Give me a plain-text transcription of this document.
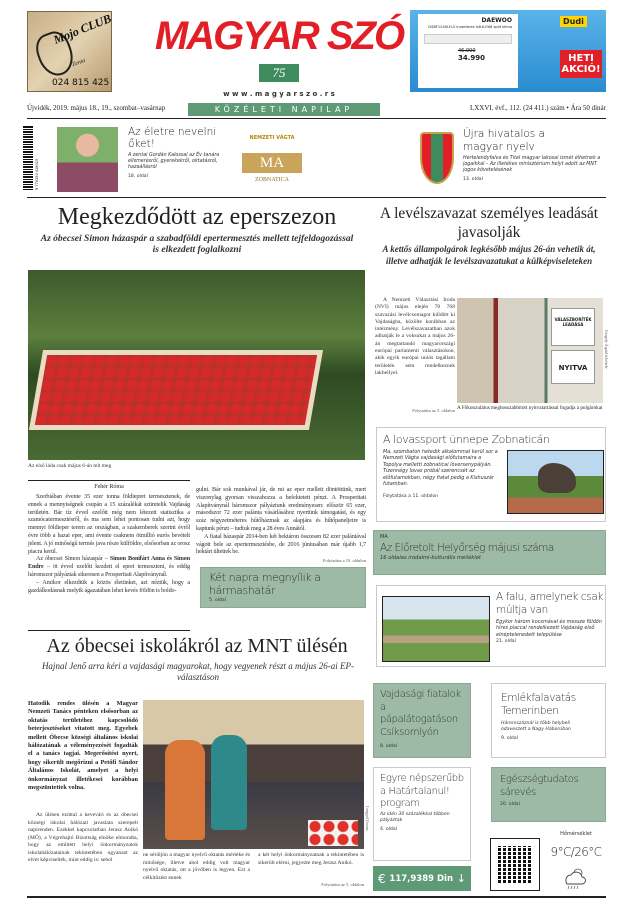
Mojo CLUB
Zenta
024 815 425
MAGYAR SZÓ
75
w w w . m a g y a r s z o . r s
DAEWOO
DSBF1245LH-V inverteres hűtő-fűtő split klíma
46.990
34.990
Dudi
HETI AKCIÓ!
Újvidék, 2019. május 18., 19., szombat–vasárnap	KÖZÉLETI NAPILAP	LXXVI. évf., 112. (24 411.) szám • Ára 50 dinár
9 770350 418015
Az életre nevelni őket!
A zentai Gordán Kalossal az Év tanára elismerésről, gyerekekről, oktatásról, hazaállásról
18. oldal
NEMZETI VÁGTA
MA
ZOBNATICA
Újra hivatalos a magyar nyelv
Hertelendyfalva és Titel magyar lakosai ismét élhetnek a jogaikkal – Az illetékes minisztérium helyt adott az MNT jogos követelésének
13. oldal
Megkezdődött az eperszezon
Az óbecsei Simon házaspár a szabadföldi epertermesztés mellett tejfeldogozással is elkezdett foglalkozni
Az első láda csak május 6-án telt meg
Fehér Róma

Szerbiában évente 35 ezer tonna földiepret termesztenek, de ennek a mennyiségnek csupán a 15 százalékát szüretelik Vajdaság területén. Bár tíz évvel ezelőtt még nem létezett statisztika a szamócatermesztésről, és ma sem lehet pontosan tudni azt, hogy mennyi földieper terem az országban, a szakemberek szerint évről évre több a hazai eper, ami évente csaknem ötmillió eurós bevételt jelent. A jó minőségű termés java része külföldre, elsősorban az orosz piacra kerül.

Az óbecsei Simon házaspár – Simon Bonifárt Anna és Simon Endre – öt évvel ezelőtt kezdett el epret termeszteni, és eddig háromszor pályáztak sikeresen a Prosperitati Alapítványnál.

– Amikor elkezdtük a közös életünket, azt néztük, hogy a gazdálkodásnak melyik ágazatában lehet kevés földön is boldo-

gulni. Bár sok munkával jár, de mi az eper mellett döntöttünk, mert viszonylag gyorsan visszahozza a befektetett pénzt. A Prosperitati Alapítványnál háromszor pályáztunk eredményesen: először 65 ezer, másodszor 72 ezer palánta vásárlásához nyertünk támogatást, és egy száz négyzetméteres hűtőházmak az alapjára és hűtőpaneljeire is kaptunk pénzt – tudtuk meg a 28 éves Annától.

A fiatal házaspár 2014-ben két hektáron összesen 82 ezer palántával vágott bele az epertermesztésbe, de 2016 júniusában már újabb 1,7 hektárt ültettek be.

Folytatása a 19. oldalon
Két napra megnyílik a hármashatár
5. oldal
Az óbecsei iskolákról az MNT ülésén
Hajnal Jenő arra kéri a vajdasági magyarokat, hogy vegyenek részt a május 26-ai EP-választáson
Hatodik rendes ülésén a Magyar Nemzeti Tanács pénteken elsősorban az oktatás területéhez kapcsolódó beterjesztéseket vitatott meg. Egyebek mellett Óbecse községi általános iskolai hálózatának a véleményezését fogadták el a tanács tagjai. Megerősítést nyert, hogy sikerült megőrizni a Petőfi Sándor Általános Iskolát, amelyet a helyi önkormányzat illetékesei korábban megszüntettek volna.
Az ülésen ezúttal a kevevári és az óbecsei községi iskolai hálózati javaslata szerepelt napirenden. Ezekkel kapcsolatban Jerasz Anikó (MÖ), a Végrehajtó Bizottság elnöke elmondta, hogy az említett helyi önkormányzatok iskolahálózatainak tekintetében ugyanazt az elvet képviselték, mint eddig is: sehol
Lengyel Ferenc
ne sérüljön a magyar nyelvű oktatás mértéke és minősége, illetve ahol eddig volt magyar nyelvű oktatás, ott a jövőben is legyen. Ezt a célkitűzést ennek
a két helyi önkormányzatnak a tekintetében is sikerült elérni, jegyezte meg Jerasz Anikó.
Folytatása az 5. oldalon
A levélszavazat személyes leadását javasolják
A kettős állampolgárok legkésőbb május 26-án vehetik át, illetve adhatják le levélszavazatukat a külképviseleteken
A Nemzeti Választási Iroda (NVI) május elején 70 768 szavazási levélcsomagot küldött ki Vajdaságba, közölte korábban az intézmény. Levélszavazatban azok adhatják le a voksukat a május 26-án megtartandó magyarországi európai parlamenti választásokon, akik egyik európai uniós tagállam területén sem rendelkeznek lakhellyel.
Folytatása az 5. oldalon
VÁLASZBORÍTÉK LEADÁSA
NYITVA	Gergely Árpád felvétele
A Főkonzulátus meghosszabbított nyitvatartással fogadja a polgárokat
A lovassport ünnepe Zobnaticán
Ma, szombaton hetedik alkalommal kerül sor a Nemzeti Vágta vajdasági előfutamaira a Topolya melletti zobnaticai lóversenypályán. Tizennégy lovas próbál szerencsét az előfutamokban, négy fiatal pedig a Kishuszár futamban.
Folytatása a 11. oldalon
MA
Az Előretolt Helyőrség májusi száma
16 oldalas irodalmi-kulturális melléklet
A falu, amelynek csak múltja van
Egykor három kocsmával és messze földön híres piaccal rendelkezett Vajdaság első elnéptelenedett települése
21. oldal
Vajdasági fiatalok a pápalátogatáson Csíksomlyón
8. oldal
Emlékfalavatás Temerinben
Háromszáznál is több helybeli odaveszett a Nagy Háborúban
9. oldal
Egyre népszerűbb a Határtalanul! program
Az idén 30 százalékkal többen pályáztak
4. oldal
Egészségtudatos sárevés
20. oldal
€ 117,9389 Din ↓
Hőmérséklet
9°C/26°C
